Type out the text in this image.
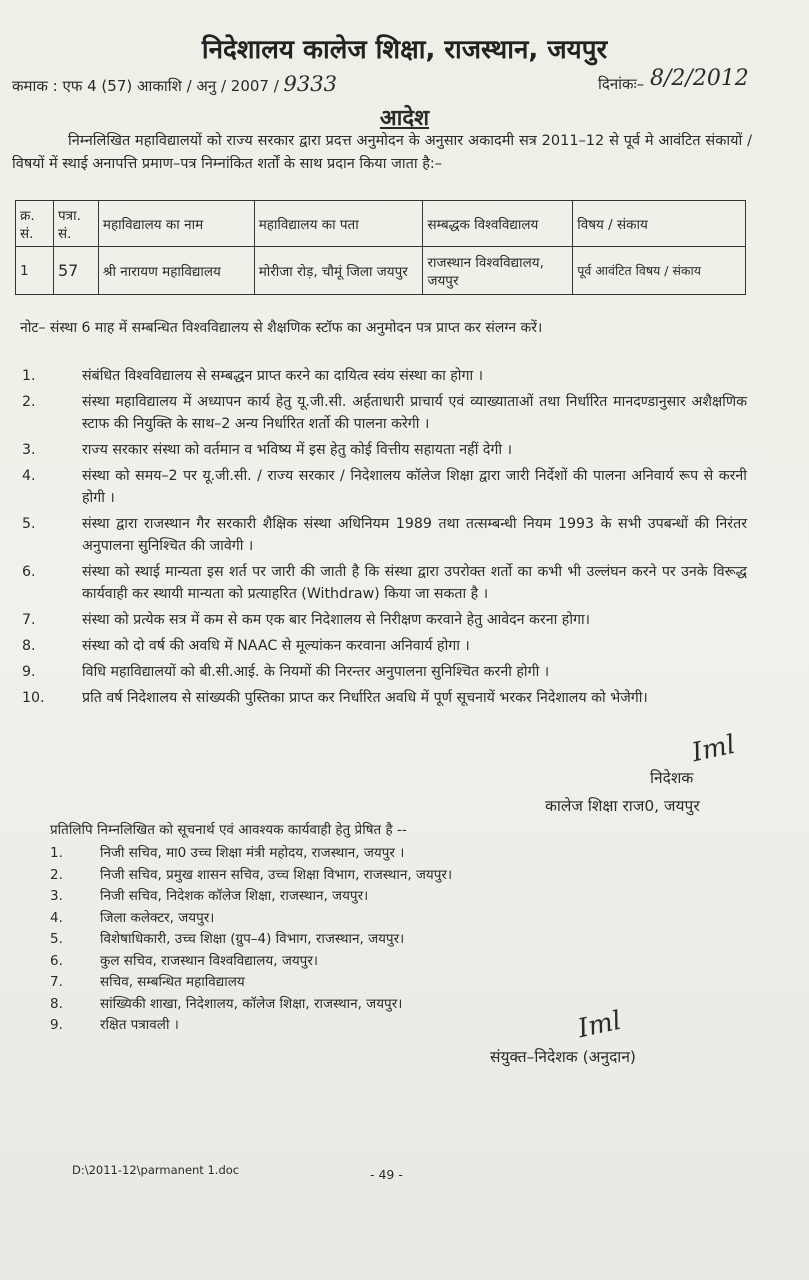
निदेशालय कालेज शिक्षा, राजस्थान, जयपुर
कमाक : एफ 4 (57) आकाशि / अनु / 2007 / 9333	दिनांकः– 8/2/2012
आदेश
निम्नलिखित महाविद्यालयों को राज्य सरकार द्वारा प्रदत्त अनुमोदन के अनुसार अकादमी सत्र 2011–12 से पूर्व मे आवंटित संकायों / विषयों में स्थाई अनापत्ति प्रमाण–पत्र निम्नांकित शर्तों के साथ प्रदान किया जाता है:–
क्र. सं.	पत्रा. सं.	महाविद्यालय का नाम	महाविद्यालय का पता	सम्बद्धक विश्वविद्यालय	विषय / संकाय
1	57	श्री नारायण महाविद्यालय	मोरीजा रोड़, चौमूं जिला जयपुर	राजस्थान विश्वविद्यालय, जयपुर	पूर्व आवंटित विषय / संकाय
नोट– संस्था 6 माह में सम्बन्धित विश्वविद्यालय से शैक्षणिक स्टॉफ का अनुमोदन पत्र प्राप्त कर संलग्न करें।
1.	संबंधित विश्वविद्यालय से सम्बद्धन प्राप्त करने का दायित्व स्वंय संस्था का होगा ।
2.	संस्था महाविद्यालय में अध्यापन कार्य हेतु यू.जी.सी. अर्हताधारी प्राचार्य एवं व्याख्याताओं तथा निर्धारित मानदण्डानुसार अशैक्षणिक स्टाफ की नियुक्ति के साथ–2 अन्य निर्धारित शर्तो की पालना करेगी ।
3.	राज्य सरकार संस्था को वर्तमान व भविष्य में इस हेतु कोई वित्तीय सहायता नहीं देगी ।
4.	संस्था को समय–2 पर यू.जी.सी. / राज्य सरकार / निदेशालय कॉलेज शिक्षा द्वारा जारी निर्देशों की पालना अनिवार्य रूप से करनी होगी ।
5.	संस्था द्वारा राजस्थान गैर सरकारी शैक्षिक संस्था अधिनियम 1989 तथा तत्सम्बन्धी नियम 1993 के सभी उपबन्धों की निरंतर अनुपालना सुनिश्चित की जावेगी ।
6.	संस्था को स्थाई मान्यता इस शर्त पर जारी की जाती है कि संस्था द्वारा उपरोक्त शर्तो का कभी भी उल्लंघन करने पर उनके विरूद्ध कार्यवाही कर स्थायी मान्यता को प्रत्याहरित (Withdraw) किया जा सकता है ।
7.	संस्था को प्रत्येक सत्र में कम से कम एक बार निदेशालय से निरीक्षण करवाने हेतु आवेदन करना होगा।
8.	संस्था को दो वर्ष की अवधि में NAAC से मूल्यांकन करवाना अनिवार्य होगा ।
9.	विधि महाविद्यालयों को बी.सी.आई. के नियमों की निरन्तर अनुपालना सुनिश्चित करनी होगी ।
10.	प्रति वर्ष निदेशालय से सांख्यकी पुस्तिका प्राप्त कर निर्धारित अवधि में पूर्ण सूचनायें भरकर निदेशालय को भेजेगी।
Iml
निदेशक
कालेज शिक्षा राज0, जयपुर
प्रतिलिपि निम्नलिखित को सूचनार्थ एवं आवश्यक कार्यवाही हेतु प्रेषित है --
1.	निजी सचिव, मा0 उच्च शिक्षा मंत्री महोदय, राजस्थान, जयपुर ।
2.	निजी सचिव, प्रमुख शासन सचिव, उच्च शिक्षा विभाग, राजस्थान, जयपुर।
3.	निजी सचिव, निदेशक कॉलेज शिक्षा, राजस्थान, जयपुर।
4.	जिला कलेक्टर, जयपुर।
5.	विशेषाधिकारी, उच्च शिक्षा (ग्रुप–4) विभाग, राजस्थान, जयपुर।
6.	कुल सचिव, राजस्थान विश्वविद्यालय, जयपुर।
7.	सचिव, सम्बन्धित महाविद्यालय
8.	सांख्यिकी शाखा, निदेशालय, कॉलेज शिक्षा, राजस्थान, जयपुर।
9.	रक्षित पत्रावली ।	Iml
संयुक्त–निदेशक (अनुदान)
D:\2011-12\parmanent 1.doc	- 49 -
